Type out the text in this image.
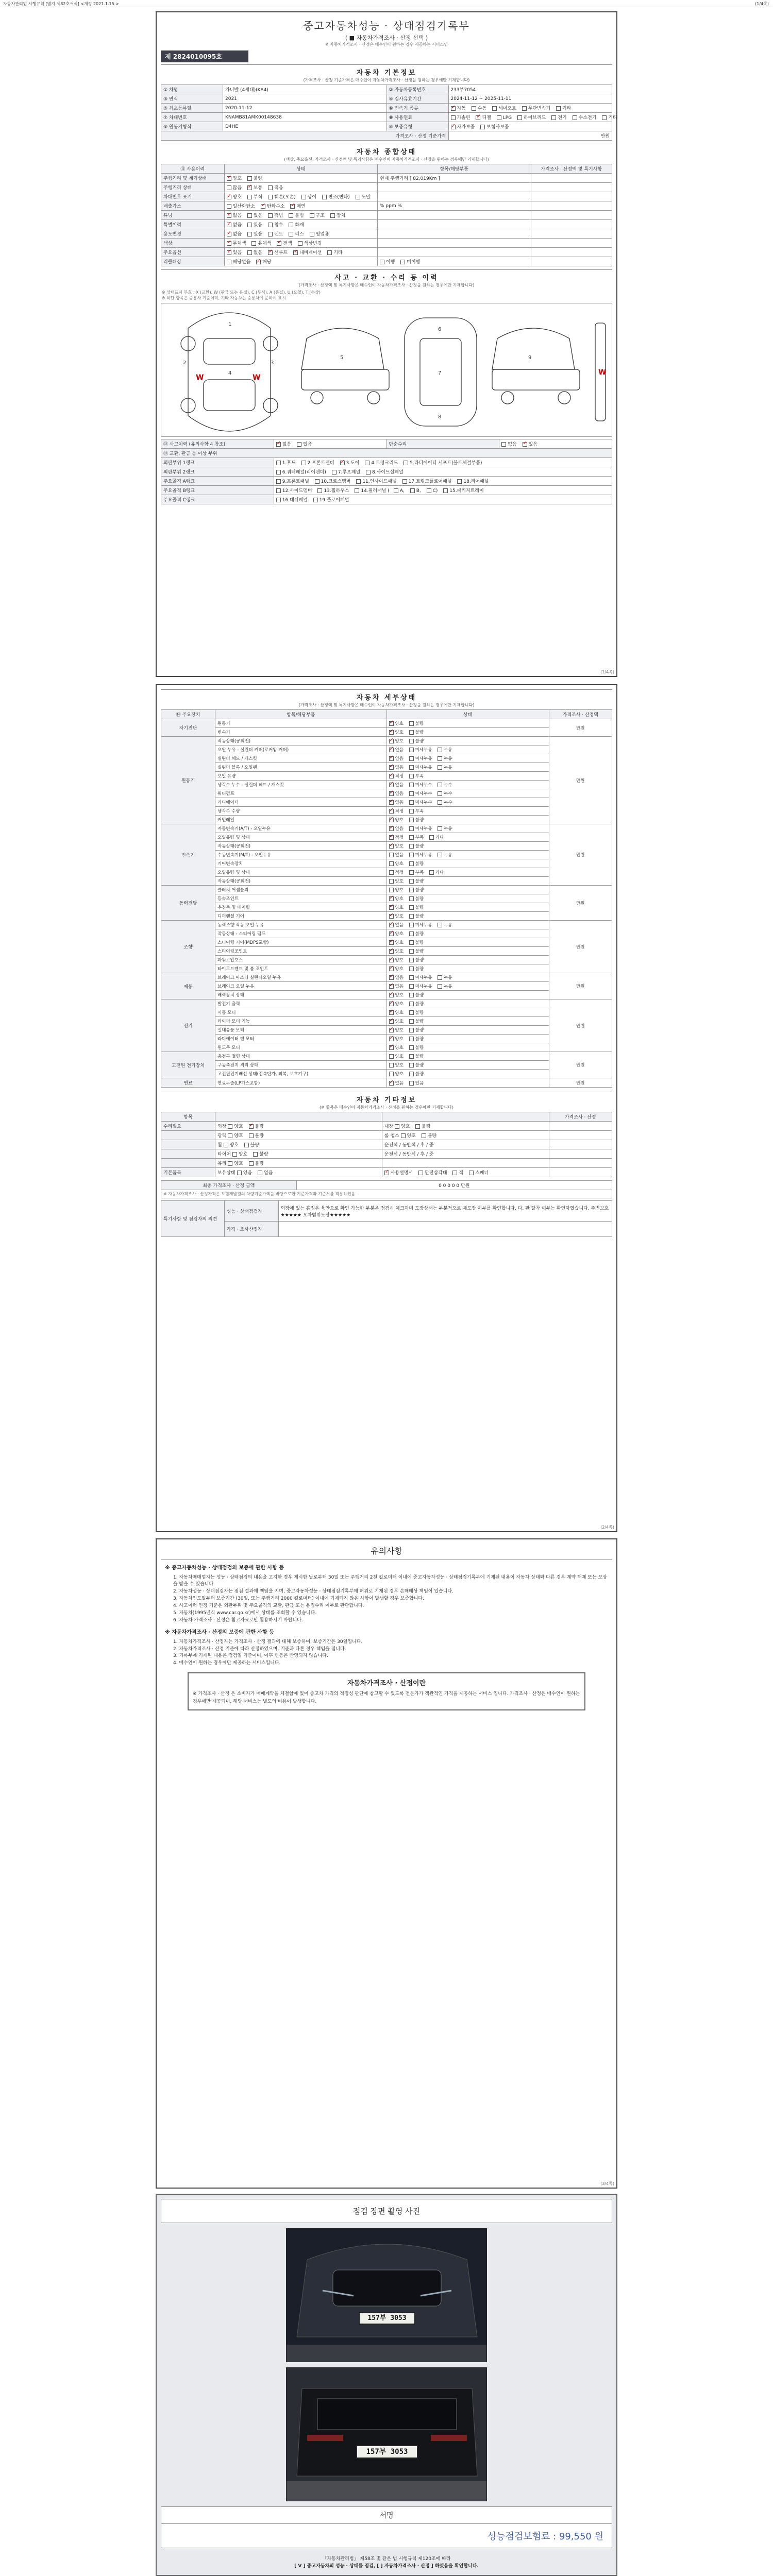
자동차관리법 시행규칙 [별지 제82호서식] <개정 2021.1.15.>	(1/4쪽)
중고자동차성능 · 상태점검기록부
( ■ 자동차가격조사 · 산정 선택 )
※ 자동차가격조사 · 산정은 매수인이 원하는 경우 제공하는 서비스임
제 2824010095호
자동차 기본정보
(가격조사 · 산정 기준가격은 매수인이 자동차가격조사 · 산정을 원하는 경우에만 기재합니다)
① 차명	카니발 (4세대)(KA4)	② 자동차등록번호	233부7054
③ 연식	2021	④ 검사유효기간	2024-11-12 ~ 2025-11-11
⑤ 최초등록일	2020-11-12	⑥ 변속기 종류	✓자동 수동 세미오토 무단변속기 기타
⑦ 차대번호	KNAMB81AMK00148638	⑧ 사용연료	가솔린 ✓디젤 LPG 하이브리드 전기 수소전기 기타
⑨ 원동기형식	D4HE	⑩ 보증유형	✓자가보증 보험사보증
가격조사 · 산정 기준가격			만원
자동차 종합상태
(색상, 주요옵션, 가격조사 · 산정액 및 특기사항은 매수인이 자동차가격조사 · 산정을 원하는 경우에만 기재합니다)
⑪ 사용이력	상태	항목/해당부품	가격조사 · 산정액 및 특기사항
주행거리 및 계기상태	✓양호 불량	현재 주행거리 [ 82,019Km ]	
주행거리 상태	많음 ✓보통 적음		
차대번호 표기	✓양호 부식 훼손(오손) 상이 변조(변타) 도말		
배출가스	일산화탄소 ✓탄화수소 ✓매연	% ppm %	
튜닝	✓없음 있음 적법 불법 구조 장치		
특별이력	✓없음 있음 침수 화재		
용도변경	✓없음 있음 렌트 리스 영업용		
색상	✓무채색 유채색 ✓전색 색상변경		
주요옵션	✓있음 없음 ✓선루프 ✓내비게이션 기타		
리콜대상	해당없음 ✓해당	이행 미이행	
사고 · 교환 · 수리 등 이력
(가격조사 · 산정액 및 특기사항은 매수인이 자동차가격조사 · 산정을 원하는 경우에만 기재합니다)
※ 상태표시 부호 : X (교환), W (판금 또는 용접), C (부식), A (흠집), U (요철), T (손상)
※ 하단 항목은 승용차 기준이며, 기타 자동차는 승용차에 준하여 표시
1
2	3
4
5
6
7
8
9
W	W
W
⑫ 사고이력 (유의사항 4 참조)	✓없음 있음	단순수리	없음 ✓있음
⑬ 교환, 판금 등 이상 부위			
외판부위 1랭크	1.후드 2.프론트펜더 ✓3.도어 4.트렁크리드 5.라디에이터 서포트(볼트체결부품)
외판부위 2랭크	6.쿼터패널(리어펜더) 7.루프패널 8.사이드실패널		
주요골격 A랭크	9.프론트패널 10.크로스멤버 11.인사이드패널 17.트렁크플로어패널 18.리어패널		
주요골격 B랭크	12.사이드멤버 13.휠하우스 14.필러패널 ( A, B, C) 15.패키지트레이		
주요골격 C랭크	16.대쉬패널 19.플로어패널		
(1/4쪽)
자동차 세부상태
(가격조사 · 산정액 및 특기사항은 매수인이 자동차가격조사 · 산정을 원하는 경우에만 기재합니다)
⑭ 주요장치	항목/해당부품	상태	가격조사 · 산정액
자기진단	원동기	✓양호 불량	만원
	변속기	✓양호 불량
원동기	작동상태(공회전)	✓양호 불량	만원
	오일 누유 - 실린더 커버(로커암 커버)	✓없음 미세누유 누유
	실린더 헤드 / 개스킷	✓없음 미세누유 누유
	실린더 블록 / 오일팬	✓없음 미세누유 누유
	오일 유량	✓적정 부족
	냉각수 누수 - 실린더 헤드 / 개스킷	✓없음 미세누수 누수
	워터펌프	✓없음 미세누수 누수
	라디에이터	✓없음 미세누수 누수
	냉각수 수량	✓적정 부족
	커먼레일	✓양호 불량
변속기	자동변속기(A/T) - 오일누유	✓없음 미세누유 누유	만원
	오일유량 및 상태	✓적정 부족 과다
	작동상태(공회전)	✓양호 불량
	수동변속기(M/T) - 오일누유	없음 미세누유 누유	
	기어변속장치	양호 불량	
	오일유량 및 상태	적정 부족 과다	
	작동상태(공회전)	양호 불량	
동력전달	클러치 어셈블리	양호 불량	만원
	등속조인트	✓양호 불량
	추진축 및 베어링	✓양호 불량
	디퍼렌셜 기어	✓양호 불량
조향	동력조향 작동 오일 누유	✓없음 미세누유 누유	만원
	작동상태 - 스티어링 펌프	✓양호 불량
	스티어링 기어(MDPS포함)	✓양호 불량
	스티어링조인트	✓양호 불량
	파워고압호스	✓양호 불량
	타이로드엔드 및 볼 조인트	✓양호 불량
제동	브레이크 마스터 실린더오일 누유	✓없음 미세누유 누유	만원
	브레이크 오일 누유	✓없음 미세누유 누유
	배력장치 상태	✓양호 불량
전기	발전기 출력	✓양호 불량	만원
	시동 모터	✓양호 불량
	와이퍼 모터 기능	✓양호 불량
	실내송풍 모터	✓양호 불량
	라디에이터 팬 모터	✓양호 불량
	윈도우 모터	✓양호 불량
고전원 전기장치	충전구 절연 상태	양호 불량	만원
	구동축전지 격리 상태	양호 불량	
	고전원전기배선 상태(접속단자, 피복, 보호기구)	양호 불량	
연료	연료누출(LP가스포함)	✓없음 있음	만원
자동차 기타정보
(※ 항목은 매수인이 자동차가격조사 · 산정을 원하는 경우에만 기재합니다)
항목			가격조사 · 산정
수리필요	외장 양호 ✓불량	내장 양호 불량	
	광택 양호 불량	룸 청소 양호 불량	
	휠 양호 불량	운전석 / 동반석 / 후 / 중	
	타이어 양호 불량	운전석 / 동반석 / 후 / 중	
	유리 양호 불량		
기본품목	보유상태 있음 없음	✓사용설명서 안전삼각대 잭 스패너	
최종 가격조사 · 산정 금액	0 0 0 0 0 만원
※ 자동차가격조사 · 산정가격은 보험개발원의 차량기준가액을 바탕으로한 기준가격과 기준서를 적용하였음
특기사항 및 점검자의 의견	성능 · 상태점검자	외장에 있는 흠집은 육안으로 확인 가능한 부분은 점검시 체크하며 도장상태는 부분적으로 재도장 여부를 확인합니다. 다, 판 탈착 여부는 확인하였습니다. 주변보호★★★★★ 오차범위도장★★★★★
	가격 · 조사산정자	
(2/4쪽)
유의사항
※ 중고자동차성능 · 상태점검의 보증에 관한 사항 등
1. 자동차매매업자는 성능 · 상태점검의 내용을 고지한 경우 제시한 날로부터 30일 또는 주행거리 2천 킬로미터 이내에 중고자동차성능 · 상태점검기록부에 기재된 내용이 자동차 상태와 다른 경우 계약 해제 또는 보상을 받을 수 있습니다.
2. 자동차성능 · 상태점검자는 점검 결과에 책임을 지며, 중고자동차성능 · 상태점검기록부에 허위로 기재된 경우 손해배상 책임이 있습니다.
3. 자동차인도일부터 보증기간 (30일, 또는 주행거리 2000 킬로미터) 이내에 기재되지 않은 사항이 발생할 경우 보증합니다.
4. 사고이력 인정 기준은 외판부위 및 주요골격의 교환, 판금 또는 용접수리 여부로 판단합니다.
5. 자동차(1995년식 www.car.go.kr)에서 상태를 조회할 수 있습니다.
6. 자동차 가격조사 · 산정은 참고자료로만 활용하시기 바랍니다.
※ 자동차가격조사 · 산정의 보증에 관한 사항 등
1. 자동차가격조사 · 산정자는 가격조사 · 산정 결과에 대해 보증하며, 보증기간은 30일입니다.
2. 자동차가격조사 · 산정 기준에 따라 산정하였으며, 기준과 다른 경우 책임을 집니다.
3. 기록부에 기재된 내용은 점검일 기준이며, 이후 변동은 반영되지 않습니다.
4. 매수인이 원하는 경우에만 제공하는 서비스입니다.
자동차가격조사 · 산정이란
※ 가격조사 · 산정 은 소비자가 매매계약을 체결함에 있어 중고차 가격의 적정성 판단에 참고할 수 있도록 전문가가 객관적인 가격을 제공하는 서비스 입니다. 가격조사 · 산정은 매수인이 원하는 경우에만 제공되며, 해당 서비스는 별도의 비용이 발생합니다.
(3/4쪽)
점검 장면 촬영 사진
157부 3053
157부 3053
서명
성능점검보험료 : 99,550 원
「자동차관리법」 제58조 및 같은 법 시행규칙 제120조에 따라
[ V ] 중고자동차의 성능 · 상태를 점검, [ ] 자동차가격조사 · 산정 ] 하였음을 확인합니다.
